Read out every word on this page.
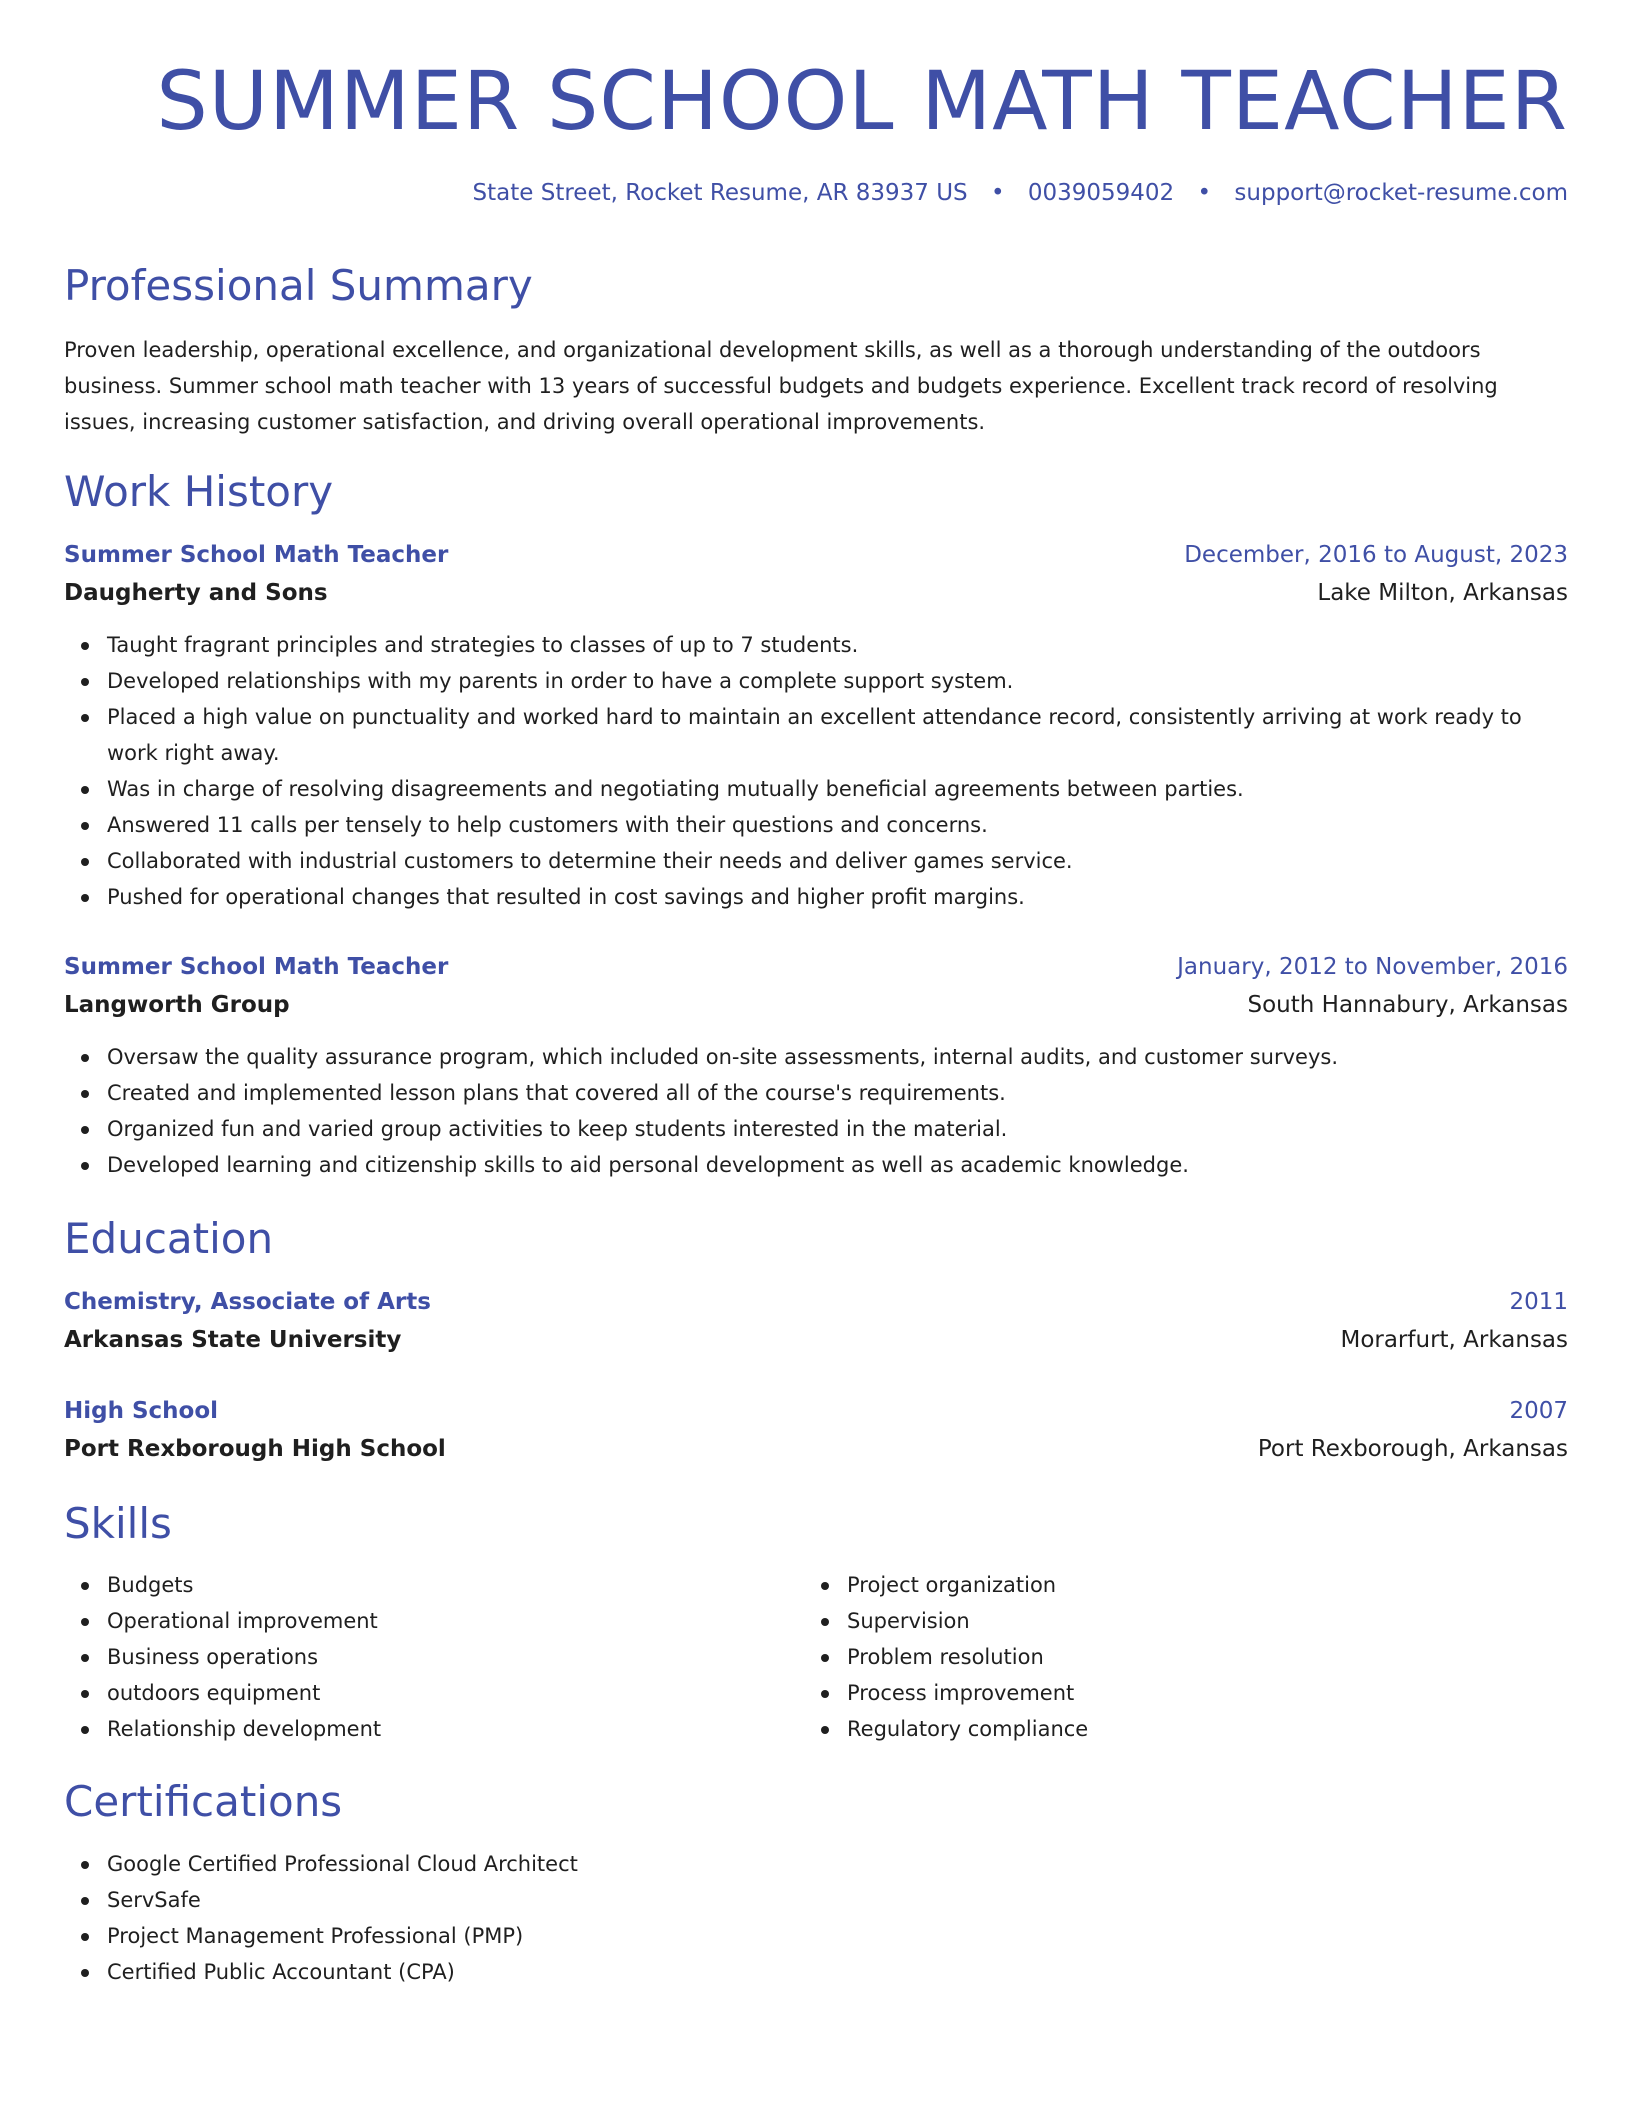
SUMMER SCHOOL MATH TEACHER
State Street, Rocket Resume, AR 83937 US • 0039059402 • support@rocket-resume.com
Professional Summary

Proven leadership, operational excellence, and organizational development skills, as well as a thorough understanding of the outdoors business. Summer school math teacher with 13 years of successful budgets and budgets experience. Excellent track record of resolving issues, increasing customer satisfaction, and driving overall operational improvements.

Work History
Summer School Math Teacher	December, 2016 to August, 2023
Daugherty and Sons	Lake Milton, Arkansas
Taught fragrant principles and strategies to classes of up to 7 students.
Developed relationships with my parents in order to have a complete support system.
Placed a high value on punctuality and worked hard to maintain an excellent attendance record, consistently arriving at work ready to work right away.
Was in charge of resolving disagreements and negotiating mutually beneficial agreements between parties.
Answered 11 calls per tensely to help customers with their questions and concerns.
Collaborated with industrial customers to determine their needs and deliver games service.
Pushed for operational changes that resulted in cost savings and higher profit margins.
Summer School Math Teacher	January, 2012 to November, 2016
Langworth Group	South Hannabury, Arkansas
Oversaw the quality assurance program, which included on-site assessments, internal audits, and customer surveys.
Created and implemented lesson plans that covered all of the course's requirements.
Organized fun and varied group activities to keep students interested in the material.
Developed learning and citizenship skills to aid personal development as well as academic knowledge.
Education
Chemistry, Associate of Arts	2011
Arkansas State University	Morarfurt, Arkansas
High School	2007
Port Rexborough High School	Port Rexborough, Arkansas
Skills
Budgets
Operational improvement
Business operations
outdoors equipment
Relationship development
Project organization
Supervision
Problem resolution
Process improvement
Regulatory compliance
Certifications
Google Certified Professional Cloud Architect
ServSafe
Project Management Professional (PMP)
Certified Public Accountant (CPA)
